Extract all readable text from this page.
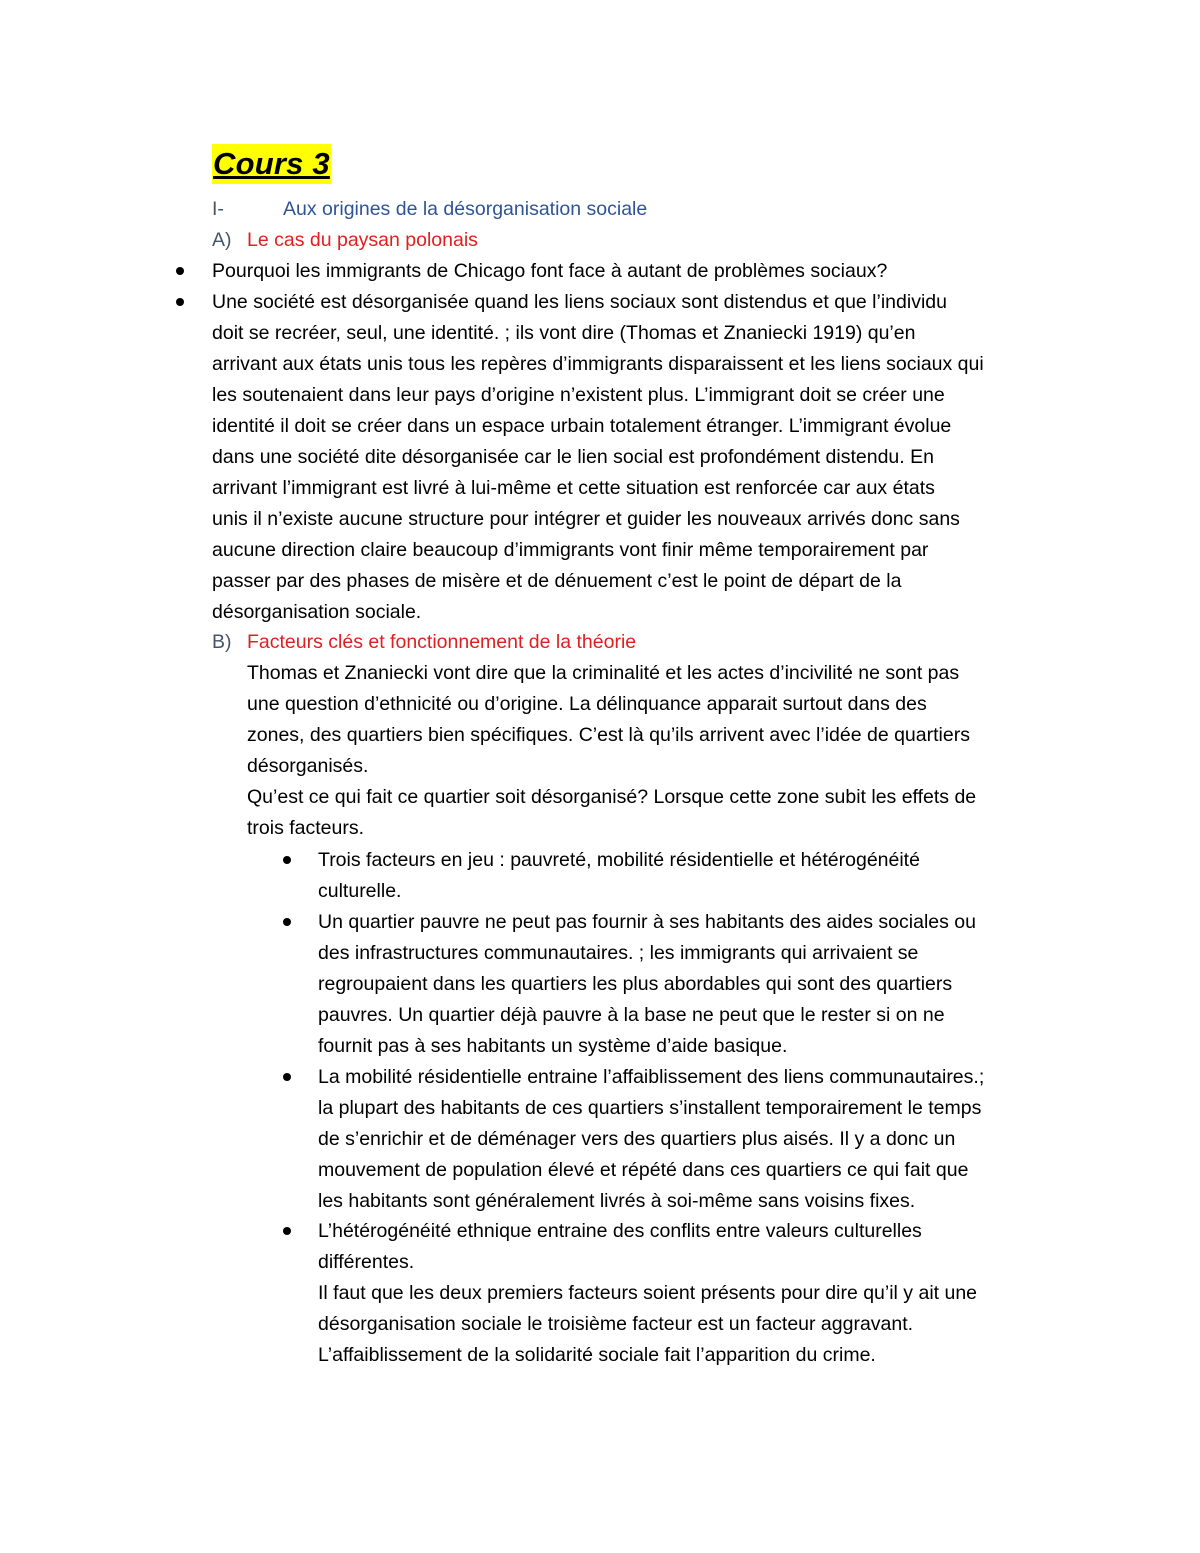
Cours 3
I-	Aux origines de la désorganisation sociale
A) Le cas du paysan polonais

Pourquoi les immigrants de Chicago font face à autant de problèmes sociaux?

Une société est désorganisée quand les liens sociaux sont distendus et que l’individu

doit se recréer, seul, une identité. ; ils vont dire (Thomas et Znaniecki 1919) qu’en

arrivant aux états unis tous les repères d’immigrants disparaissent et les liens sociaux qui

les soutenaient dans leur pays d’origine n’existent plus. L’immigrant doit se créer une

identité il doit se créer dans un espace urbain totalement étranger. L’immigrant évolue

dans une société dite désorganisée car le lien social est profondément distendu. En

arrivant l’immigrant est livré à lui-même et cette situation est renforcée car aux états

unis il n’existe aucune structure pour intégrer et guider les nouveaux arrivés donc sans

aucune direction claire beaucoup d’immigrants vont finir même temporairement par

passer par des phases de misère et de dénuement c’est le point de départ de la

désorganisation sociale.

B) Facteurs clés et fonctionnement de la théorie

Thomas et Znaniecki vont dire que la criminalité et les actes d’incivilité ne sont pas

une question d’ethnicité ou d’origine. La délinquance apparait surtout dans des

zones, des quartiers bien spécifiques. C’est là qu’ils arrivent avec l’idée de quartiers

désorganisés.

Qu’est ce qui fait ce quartier soit désorganisé? Lorsque cette zone subit les effets de

trois facteurs.

Trois facteurs en jeu : pauvreté, mobilité résidentielle et hétérogénéité

culturelle.

Un quartier pauvre ne peut pas fournir à ses habitants des aides sociales ou

des infrastructures communautaires. ; les immigrants qui arrivaient se

regroupaient dans les quartiers les plus abordables qui sont des quartiers

pauvres. Un quartier déjà pauvre à la base ne peut que le rester si on ne

fournit pas à ses habitants un système d’aide basique.

La mobilité résidentielle entraine l’affaiblissement des liens communautaires.;

la plupart des habitants de ces quartiers s’installent temporairement le temps

de s’enrichir et de déménager vers des quartiers plus aisés. Il y a donc un

mouvement de population élevé et répété dans ces quartiers ce qui fait que

les habitants sont généralement livrés à soi-même sans voisins fixes.

L’hétérogénéité ethnique entraine des conflits entre valeurs culturelles

différentes.

Il faut que les deux premiers facteurs soient présents pour dire qu’il y ait une

désorganisation sociale le troisième facteur est un facteur aggravant.

L’affaiblissement de la solidarité sociale fait l’apparition du crime.
